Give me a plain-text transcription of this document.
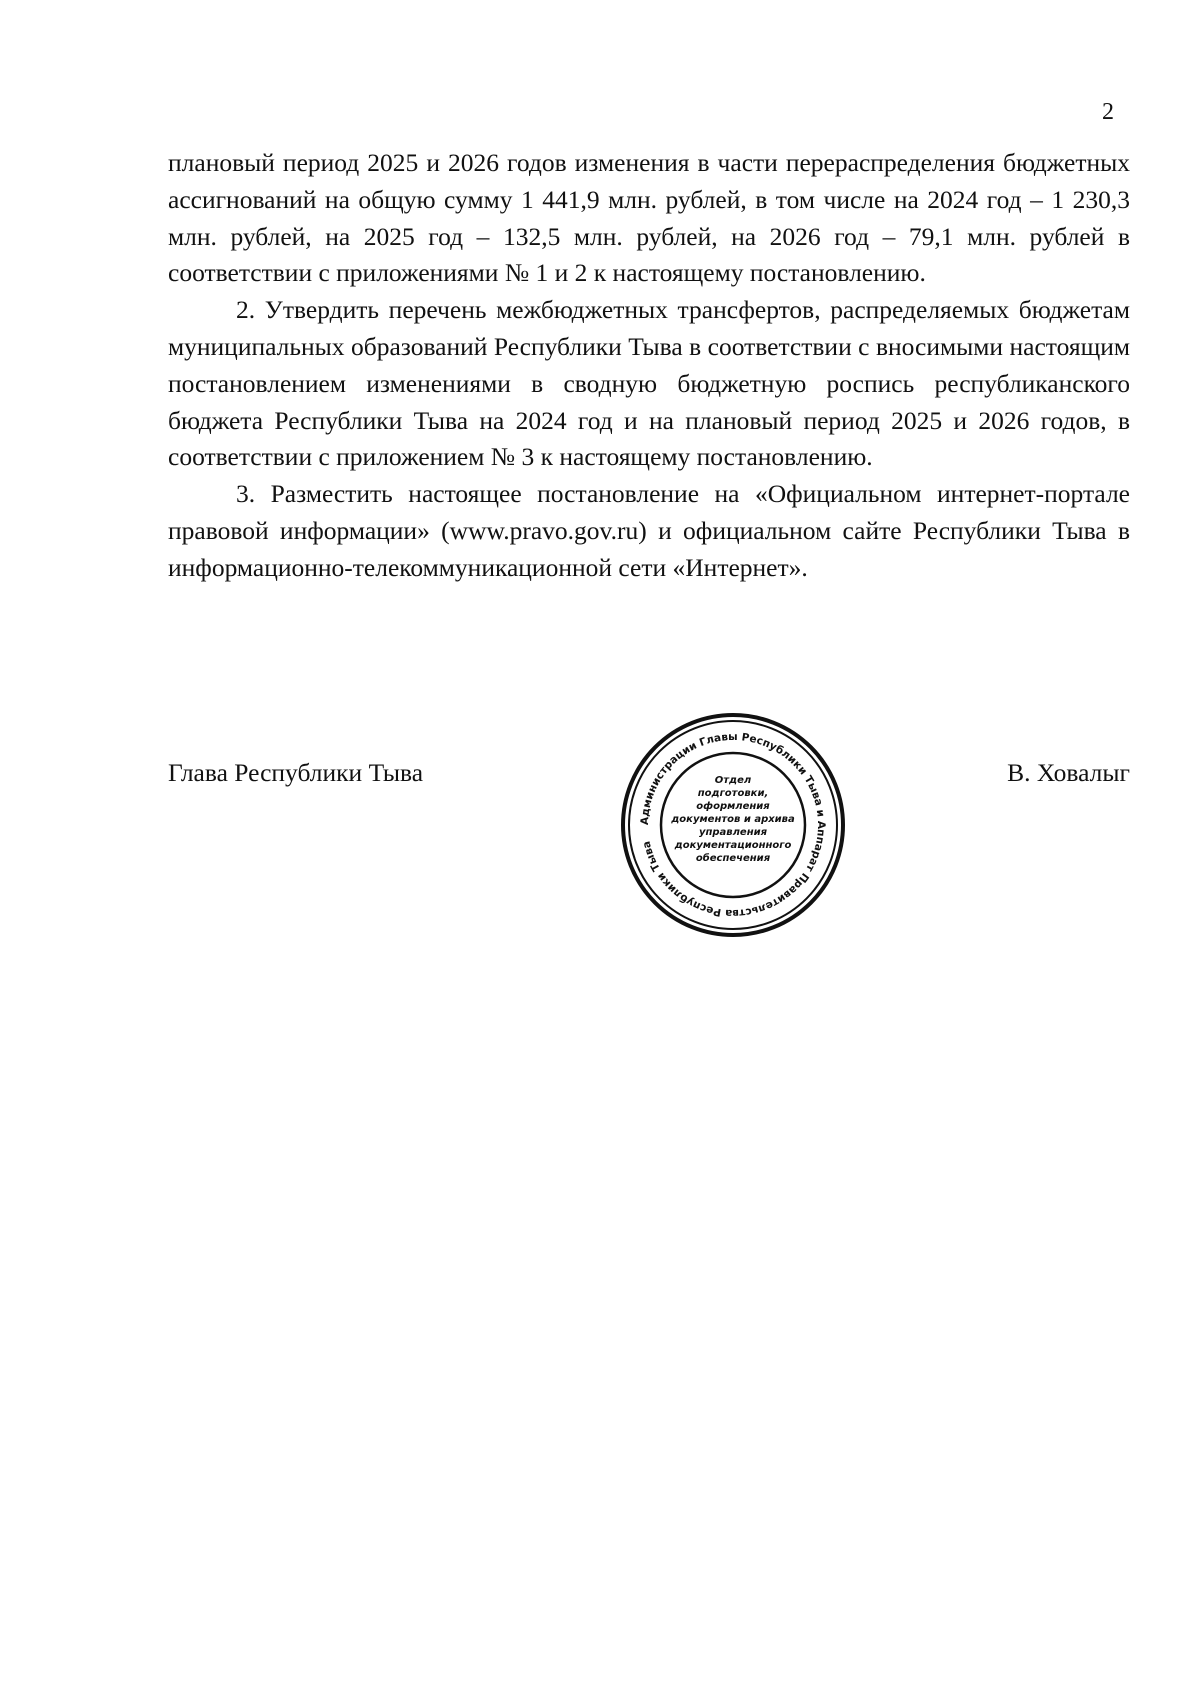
2

плановый период 2025 и 2026 годов изменения в части перераспределения бюджетных ассигнований на общую сумму 1 441,9 млн. рублей, в том числе на 2024 год – 1 230,3 млн. рублей, на 2025 год – 132,5 млн. рублей, на 2026 год – 79,1 млн. рублей в соответствии с приложениями № 1 и 2 к настоящему постановлению.

2. Утвердить перечень межбюджетных трансфертов, распределяемых бюджетам муниципальных образований Республики Тыва в соответствии с вносимыми настоящим постановлением изменениями в сводную бюджетную роспись республиканского бюджета Республики Тыва на 2024 год и на плановый период 2025 и 2026 годов, в соответствии с приложением № 3 к настоящему постановлению.

3. Разместить настоящее постановление на «Официальном интернет-портале правовой информации» (www.pravo.gov.ru) и официальном сайте Республики Тыва в информационно-телекоммуникационной сети «Интернет».

Глава Республики Тыва	В. Ховалыг
Администрации Главы Республики Тыва и Аппарат Правительства Республики Тыва
Отдел
подготовки,
оформления
документов и архива
управления
документационного
обеспечения
